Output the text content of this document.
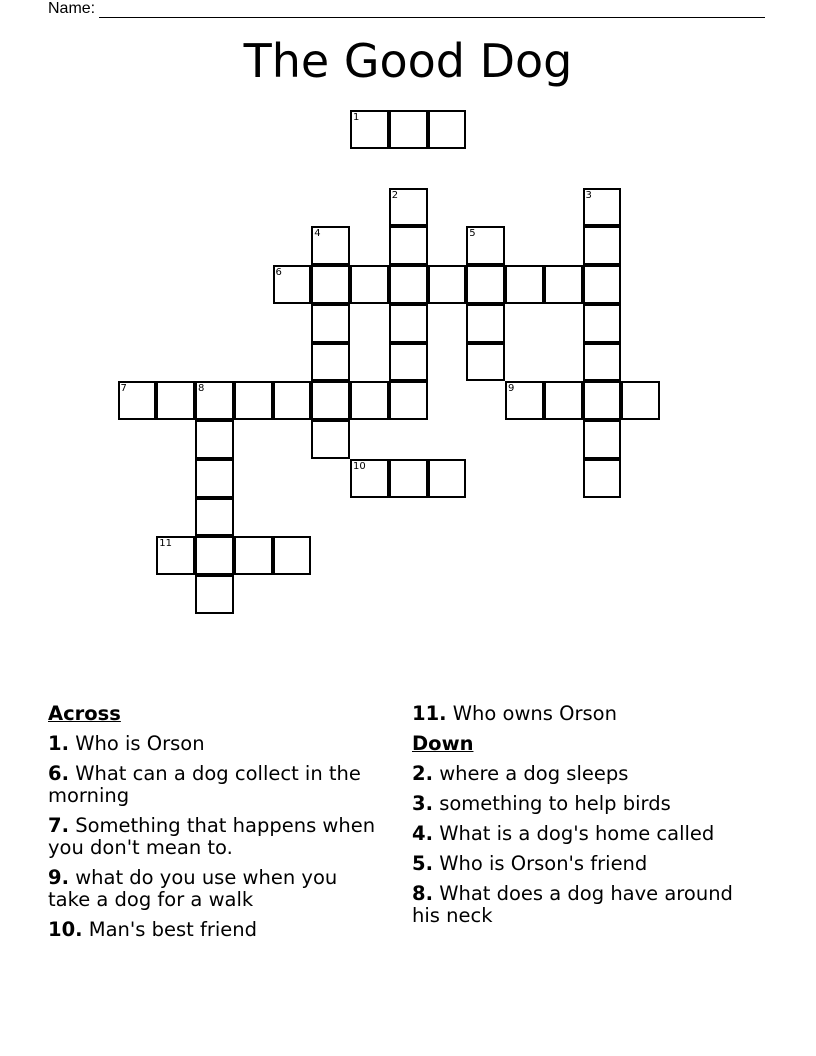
Name:
The Good Dog
1
2	3
4	5
6
7	8	9
10
11
Across
1. Who is Orson
6. What can a dog collect in the morning
7. Something that happens when you don't mean to.
9. what do you use when you take a dog for a walk
10. Man's best friend
11. Who owns Orson
Down
2. where a dog sleeps
3. something to help birds
4. What is a dog's home called
5. Who is Orson's friend
8. What does a dog have around his neck
